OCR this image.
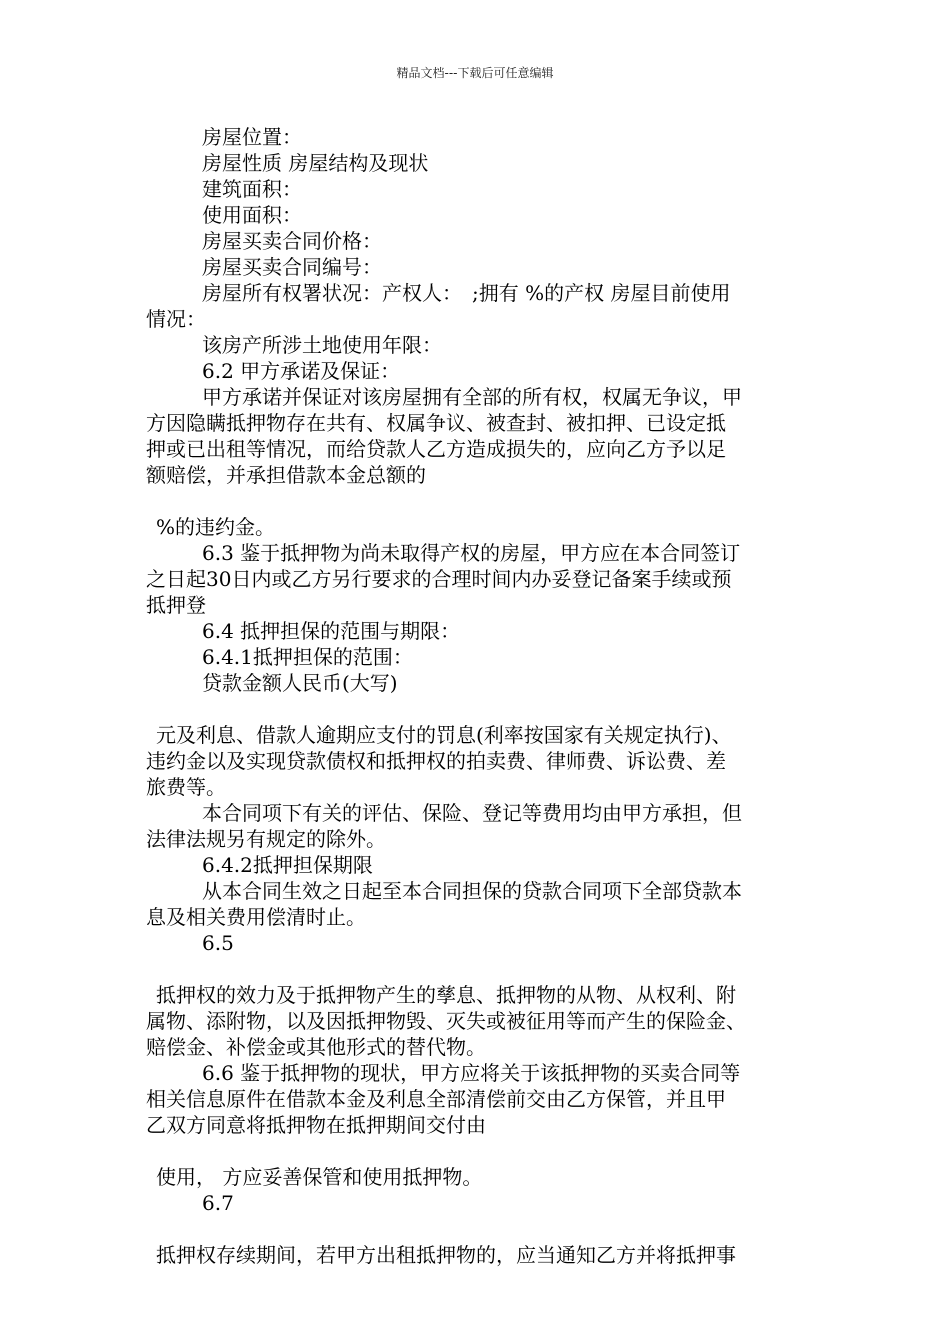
精品文档---下载后可任意编辑
房屋位置：
房屋性质 房屋结构及现状
建筑面积：
使用面积：
房屋买卖合同价格：
房屋买卖合同编号：
房屋所有权署状况：产权人：　;拥有 %的产权 房屋目前使用
情况：
该房产所涉土地使用年限：
6.2 甲方承诺及保证：
甲方承诺并保证对该房屋拥有全部的所有权，权属无争议，甲
方因隐瞒抵押物存在共有、权属争议、被查封、被扣押、已设定抵
押或已出租等情况，而给贷款人乙方造成损失的，应向乙方予以足
额赔偿，并承担借款本金总额的
%的违约金。
6.3 鉴于抵押物为尚未取得产权的房屋，甲方应在本合同签订
之日起30日内或乙方另行要求的合理时间内办妥登记备案手续或预
抵押登
6.4 抵押担保的范围与期限：
6.4.1抵押担保的范围：
贷款金额人民币(大写)
元及利息、借款人逾期应支付的罚息(利率按国家有关规定执行)、
违约金以及实现贷款债权和抵押权的拍卖费、律师费、诉讼费、差
旅费等。
本合同项下有关的评估、保险、登记等费用均由甲方承担，但
法律法规另有规定的除外。
6.4.2抵押担保期限
从本合同生效之日起至本合同担保的贷款合同项下全部贷款本
息及相关费用偿清时止。
6.5
抵押权的效力及于抵押物产生的孳息、抵押物的从物、从权利、附
属物、添附物，以及因抵押物毁、灭失或被征用等而产生的保险金、
赔偿金、补偿金或其他形式的替代物。
6.6 鉴于抵押物的现状，甲方应将关于该抵押物的买卖合同等
相关信息原件在借款本金及利息全部清偿前交由乙方保管，并且甲
乙双方同意将抵押物在抵押期间交付由
使用， 方应妥善保管和使用抵押物。
6.7
抵押权存续期间，若甲方出租抵押物的，应当通知乙方并将抵押事
